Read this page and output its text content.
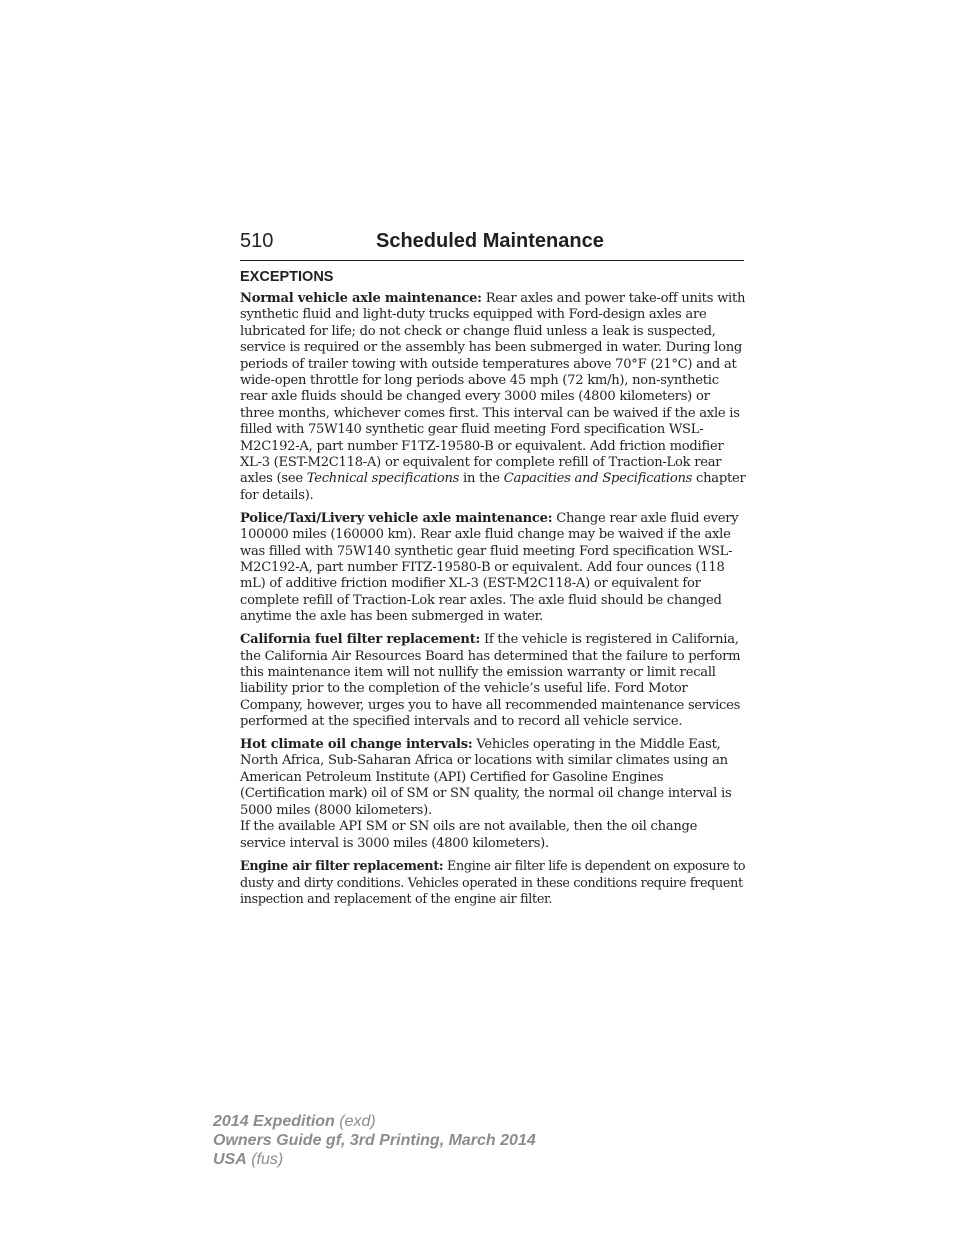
510	Scheduled Maintenance
EXCEPTIONS

Normal vehicle axle maintenance: Rear axles and power take-off units with synthetic fluid and light-duty trucks equipped with Ford-design axles are lubricated for life; do not check or change fluid unless a leak is suspected, service is required or the assembly has been submerged in water. During long periods of trailer towing with outside temperatures above 70°F (21°C) and at wide-open throttle for long periods above 45 mph (72 km/h), non-synthetic rear axle fluids should be changed every 3000 miles (4800 kilometers) or three months, whichever comes first. This interval can be waived if the axle is filled with 75W140 synthetic gear fluid meeting Ford specification WSL-M2C192-A, part number F1TZ-19580-B or equivalent. Add friction modifier XL-3 (EST-M2C118-A) or equivalent for complete refill of Traction-Lok rear axles (see Technical specifications in the Capacities and Specifications chapter for details).

Police/Taxi/Livery vehicle axle maintenance: Change rear axle fluid every 100000 miles (160000 km). Rear axle fluid change may be waived if the axle was filled with 75W140 synthetic gear fluid meeting Ford specification WSL-M2C192-A, part number FITZ-19580-B or equivalent. Add four ounces (118 mL) of additive friction modifier XL-3 (EST-M2C118-A) or equivalent for complete refill of Traction-Lok rear axles. The axle fluid should be changed anytime the axle has been submerged in water.

California fuel filter replacement: If the vehicle is registered in California, the California Air Resources Board has determined that the failure to perform this maintenance item will not nullify the emission warranty or limit recall liability prior to the completion of the vehicle’s useful life. Ford Motor Company, however, urges you to have all recommended maintenance services performed at the specified intervals and to record all vehicle service.

Hot climate oil change intervals: Vehicles operating in the Middle East, North Africa, Sub-Saharan Africa or locations with similar climates using an American Petroleum Institute (API) Certified for Gasoline Engines (Certification mark) oil of SM or SN quality, the normal oil change interval is 5000 miles (8000 kilometers).

If the available API SM or SN oils are not available, then the oil change service interval is 3000 miles (4800 kilometers).

Engine air filter replacement: Engine air filter life is dependent on exposure to dusty and dirty conditions. Vehicles operated in these conditions require frequent inspection and replacement of the engine air filter.

2014 Expedition (exd)
Owners Guide gf, 3rd Printing, March 2014
USA (fus)
